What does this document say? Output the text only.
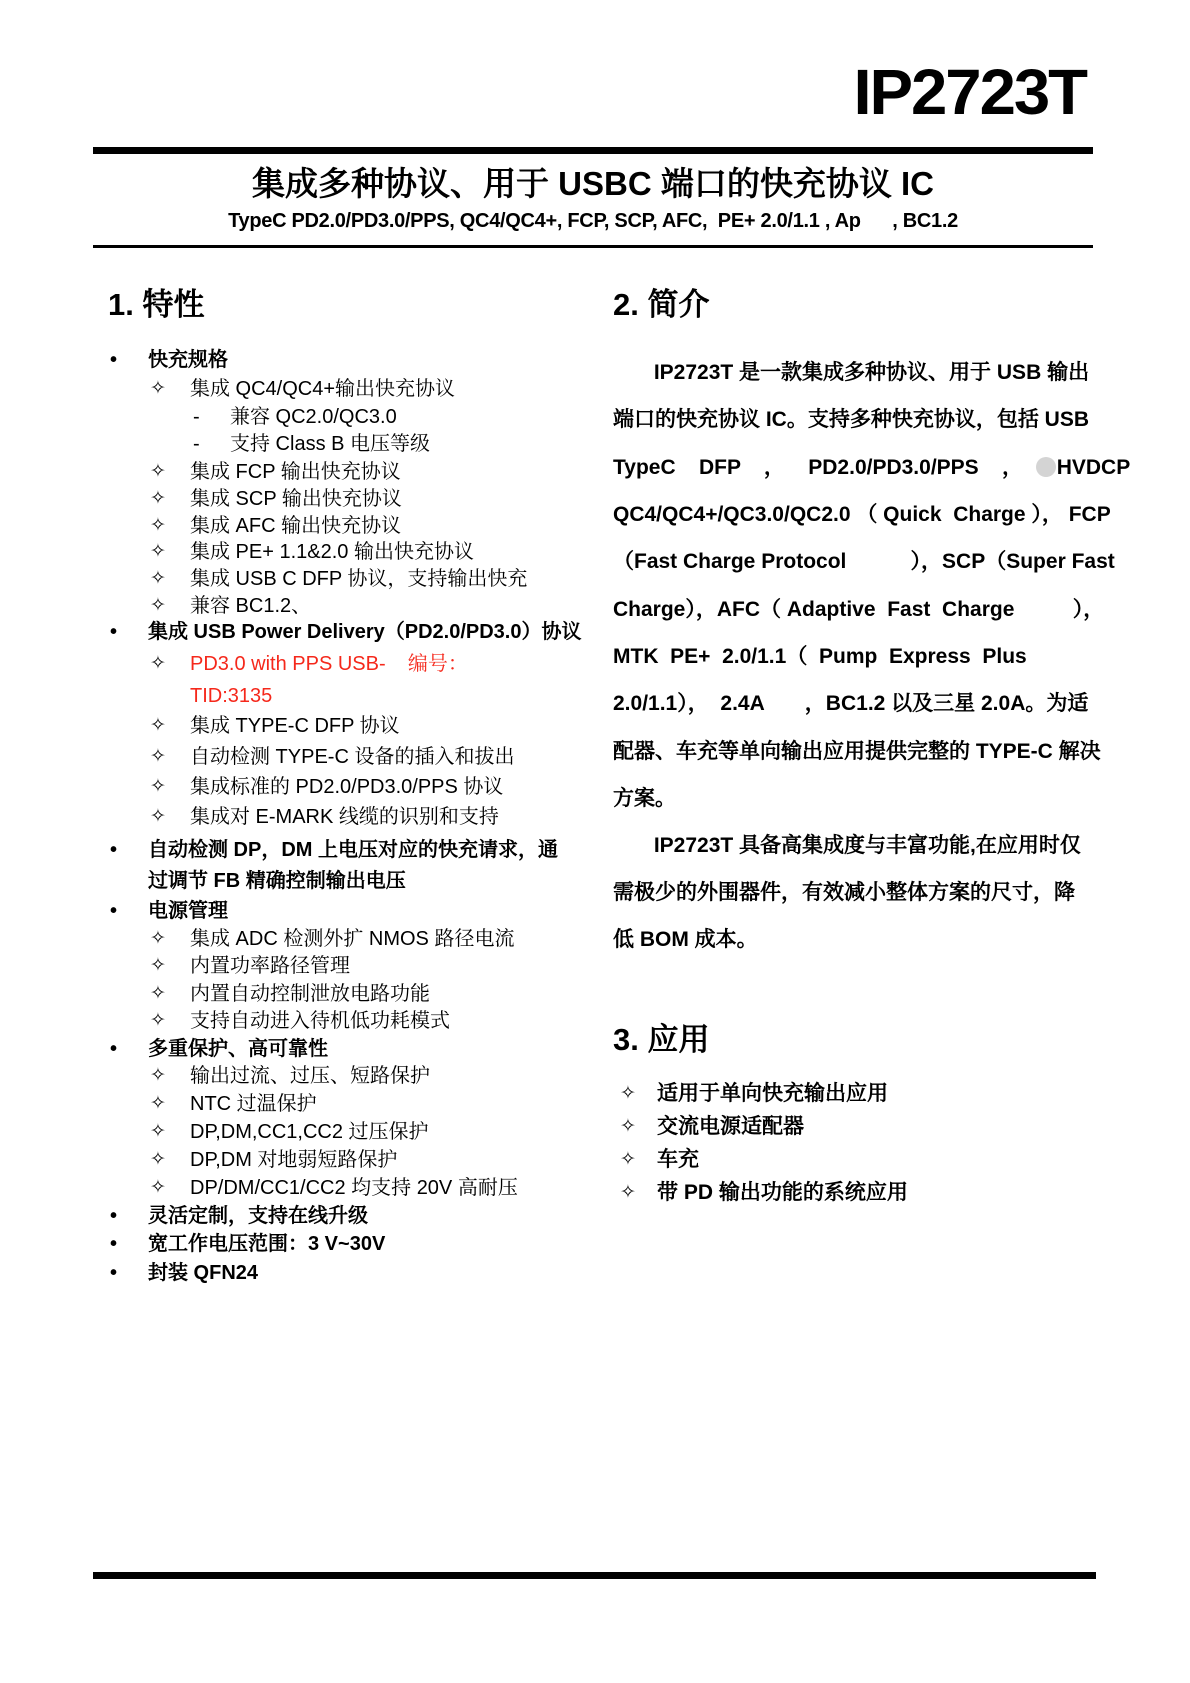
IP2723T
集成多种协议、用于 USBC 端口的快充协议 IC
TypeC PD2.0/PD3.0/PPS, QC4/QC4+, FCP, SCP, AFC,  PE+ 2.0/1.1 , Ap      , BC1.2
1. 特性	2. 简介
3. 应用
• 快充规格
✧ 集成 QC4/QC4+输出快充协议
- 兼容 QC2.0/QC3.0
- 支持 Class B 电压等级
✧ 集成 FCP 输出快充协议
✧ 集成 SCP 输出快充协议
✧ 集成 AFC 输出快充协议
✧ 集成 PE+ 1.1&2.0 输出快充协议
✧ 集成 USB C DFP 协议，支持输出快充
✧ 兼容 BC1.2、
• 集成 USB Power Delivery（PD2.0/PD3.0）协议
✧ PD3.0 with PPS USB-    编号：
TID:3135
✧ 集成 TYPE-C DFP 协议
✧ 自动检测 TYPE-C 设备的插入和拔出
✧ 集成标准的 PD2.0/PD3.0/PPS 协议
✧ 集成对 E-MARK 线缆的识别和支持
• 自动检测 DP，DM 上电压对应的快充请求，通
过调节 FB 精确控制输出电压
• 电源管理
✧ 集成 ADC 检测外扩 NMOS 路径电流
✧ 内置功率路径管理
✧ 内置自动控制泄放电路功能
✧ 支持自动进入待机低功耗模式
• 多重保护、高可靠性
✧ 输出过流、过压、短路保护
✧ NTC 过温保护
✧ DP,DM,CC1,CC2 过压保护
✧ DP,DM 对地弱短路保护
✧ DP/DM/CC1/CC2 均支持 20V 高耐压
• 灵活定制，支持在线升级
• 宽工作电压范围：3 V~30V
• 封装 QFN24
IP2723T 是一款集成多种协议、用于 USB 输出
端口的快充协议 IC。支持多种快充协议，包括 USB
TypeC    DFP    ，    PD2.0/PD3.0/PPS    ，  HVDCP
QC4/QC4+/QC3.0/QC2.0 （ Quick  Charge ）， FCP
（Fast Charge Protocol           ），SCP（Super Fast
Charge），AFC（ Adaptive  Fast  Charge          ），
MTK  PE+  2.0/1.1（  Pump  Express  Plus
2.0/1.1），  2.4A       ，BC1.2 以及三星 2.0A。为适
配器、车充等单向输出应用提供完整的 TYPE-C 解决
方案。
IP2723T 具备高集成度与丰富功能,在应用时仅
需极少的外围器件，有效减小整体方案的尺寸，降
低 BOM 成本。
✧ 适用于单向快充输出应用
✧ 交流电源适配器
✧ 车充
✧ 带 PD 输出功能的系统应用
